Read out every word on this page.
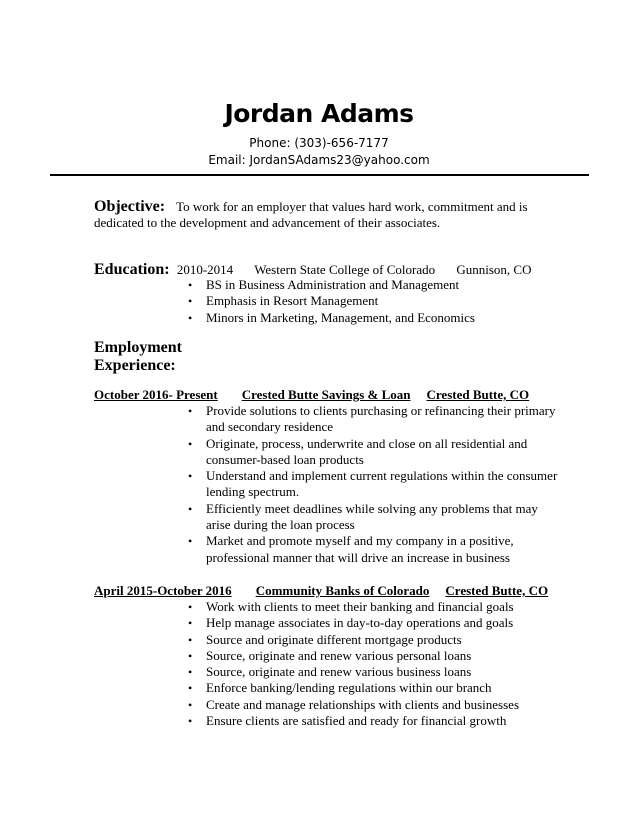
Jordan Adams
Phone: (303)-656-7177
Email: JordanSAdams23@yahoo.com
Objective: To work for an employer that values hard work, commitment and is dedicated to the development and advancement of their associates.
Education: 2010-2014 Western State College of Colorado Gunnison, CO
• BS in Business Administration and Management
• Emphasis in Resort Management
• Minors in Marketing, Management, and Economics
Employment
Experience:
October 2016- Present Crested Butte Savings & Loan Crested Butte, CO
• Provide solutions to clients purchasing or refinancing their primary and secondary residence
• Originate, process, underwrite and close on all residential and consumer-based loan products
• Understand and implement current regulations within the consumer lending spectrum.
• Efficiently meet deadlines while solving any problems that may arise during the loan process
• Market and promote myself and my company in a positive, professional manner that will drive an increase in business
April 2015-October 2016 Community Banks of Colorado Crested Butte, CO
• Work with clients to meet their banking and financial goals
• Help manage associates in day-to-day operations and goals
• Source and originate different mortgage products
• Source, originate and renew various personal loans
• Source, originate and renew various business loans
• Enforce banking/lending regulations within our branch
• Create and manage relationships with clients and businesses
• Ensure clients are satisfied and ready for financial growth
